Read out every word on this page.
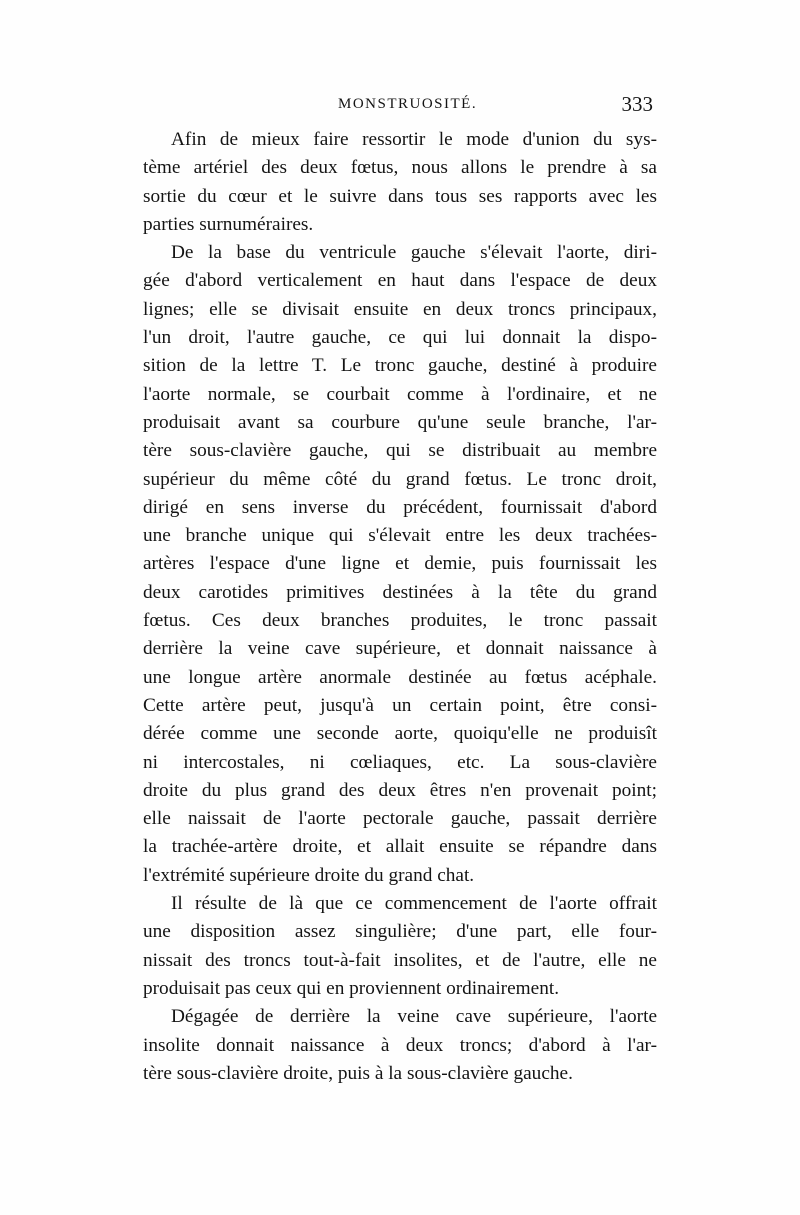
MONSTRUOSITÉ.	333
Afin de mieux faire ressortir le mode d'union du sys-
tème artériel des deux fœtus, nous allons le prendre à sa
sortie du cœur et le suivre dans tous ses rapports avec les
parties surnuméraires.
De la base du ventricule gauche s'élevait l'aorte, diri-
gée d'abord verticalement en haut dans l'espace de deux
lignes; elle se divisait ensuite en deux troncs principaux,
l'un droit, l'autre gauche, ce qui lui donnait la dispo-
sition de la lettre T. Le tronc gauche, destiné à produire
l'aorte normale, se courbait comme à l'ordinaire, et ne
produisait avant sa courbure qu'une seule branche, l'ar-
tère sous-clavière gauche, qui se distribuait au membre
supérieur du même côté du grand fœtus. Le tronc droit,
dirigé en sens inverse du précédent, fournissait d'abord
une branche unique qui s'élevait entre les deux trachées-
artères l'espace d'une ligne et demie, puis fournissait les
deux carotides primitives destinées à la tête du grand
fœtus. Ces deux branches produites, le tronc passait
derrière la veine cave supérieure, et donnait naissance à
une longue artère anormale destinée au fœtus acéphale.
Cette artère peut, jusqu'à un certain point, être consi-
dérée comme une seconde aorte, quoiqu'elle ne produisît
ni intercostales, ni cœliaques, etc. La sous-clavière
droite du plus grand des deux êtres n'en provenait point;
elle naissait de l'aorte pectorale gauche, passait derrière
la trachée-artère droite, et allait ensuite se répandre dans
l'extrémité supérieure droite du grand chat.
Il résulte de là que ce commencement de l'aorte offrait
une disposition assez singulière; d'une part, elle four-
nissait des troncs tout-à-fait insolites, et de l'autre, elle ne
produisait pas ceux qui en proviennent ordinairement.
Dégagée de derrière la veine cave supérieure, l'aorte
insolite donnait naissance à deux troncs; d'abord à l'ar-
tère sous-clavière droite, puis à la sous-clavière gauche.
